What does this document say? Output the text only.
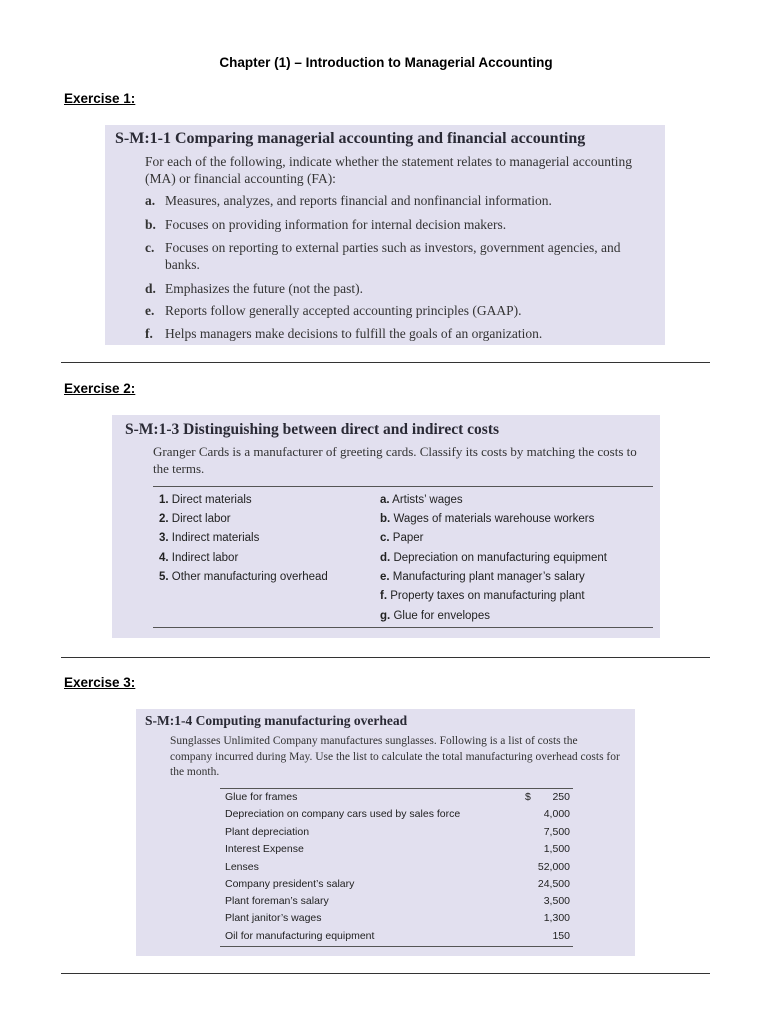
Chapter (1) – Introduction to Managerial Accounting
Exercise 1:
S-M:1-1 Comparing managerial accounting and financial accounting
For each of the following, indicate whether the statement relates to managerial accounting (MA) or financial accounting (FA):
a. Measures, analyzes, and reports financial and nonfinancial information.
b. Focuses on providing information for internal decision makers.
c. Focuses on reporting to external parties such as investors, government agencies, and banks.
d. Emphasizes the future (not the past).
e. Reports follow generally accepted accounting principles (GAAP).
f. Helps managers make decisions to fulfill the goals of an organization.
Exercise 2:
S-M:1-3 Distinguishing between direct and indirect costs
Granger Cards is a manufacturer of greeting cards. Classify its costs by matching the costs to the terms.
1. Direct materials
2. Direct labor
3. Indirect materials
4. Indirect labor
5. Other manufacturing overhead
a. Artists’ wages
b. Wages of materials warehouse workers
c. Paper
d. Depreciation on manufacturing equipment
e. Manufacturing plant manager’s salary
f. Property taxes on manufacturing plant
g. Glue for envelopes
Exercise 3:
S-M:1-4 Computing manufacturing overhead
Sunglasses Unlimited Company manufactures sunglasses. Following is a list of costs the company incurred during May. Use the list to calculate the total manufacturing overhead costs for the month.
Glue for frames	$ 250
Depreciation on company cars used by sales force	4,000
Plant depreciation	7,500
Interest Expense	1,500
Lenses	52,000
Company president’s salary	24,500
Plant foreman’s salary	3,500
Plant janitor’s wages	1,300
Oil for manufacturing equipment	150
